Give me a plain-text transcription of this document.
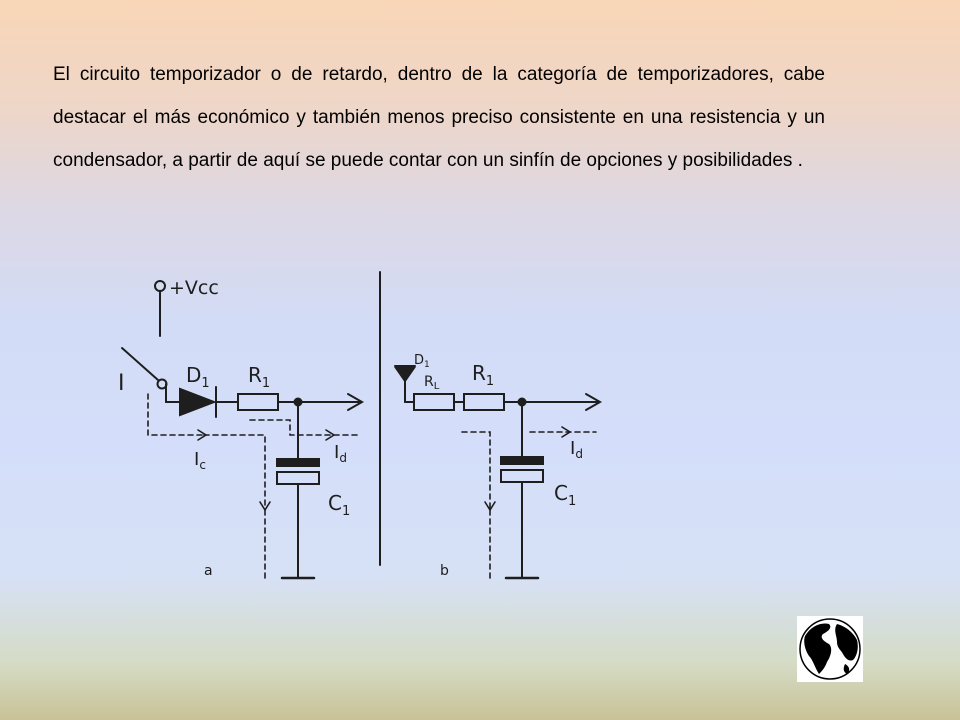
El circuito temporizador o de retardo, dentro de la categoría de temporizadores, cabe destacar el más económico y también menos preciso consistente en una resistencia y un condensador, a partir de aquí se puede contar con un sinfín de opciones y posibilidades .

+Vcc
I	$D_1$ $R_1$
$C_1$
$I_c$
$I_d$
a
$D_1$
$R_L$
$R_1$
$C_1$
$I_d$
b
